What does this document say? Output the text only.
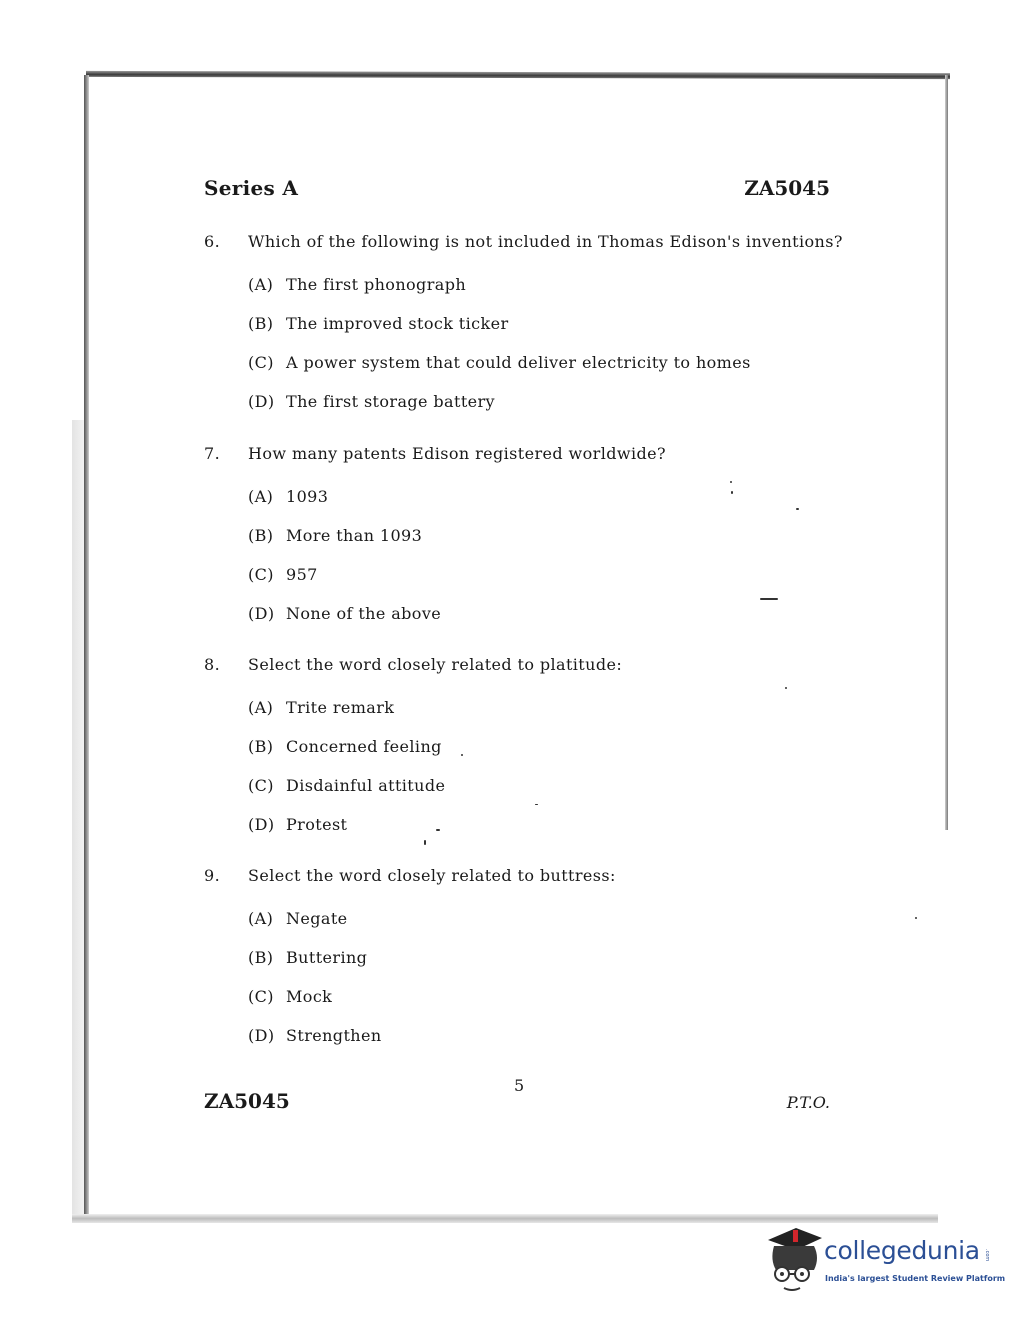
Series A	ZA5045
6. Which of the following is not included in Thomas Edison's inventions?
(A) The first phonograph
(B) The improved stock ticker
(C) A power system that could deliver electricity to homes
(D) The first storage battery
7. How many patents Edison registered worldwide?
(A) 1093
(B) More than 1093
(C) 957
(D) None of the above
8. Select the word closely related to platitude:
(A) Trite remark
(B) Concerned feeling
(C) Disdainful attitude
(D) Protest
9. Select the word closely related to buttress:
(A) Negate
(B) Buttering
(C) Mock
(D) Strengthen
ZA5045
5
P.T.O.
collegedunia .com
India's largest Student Review Platform
